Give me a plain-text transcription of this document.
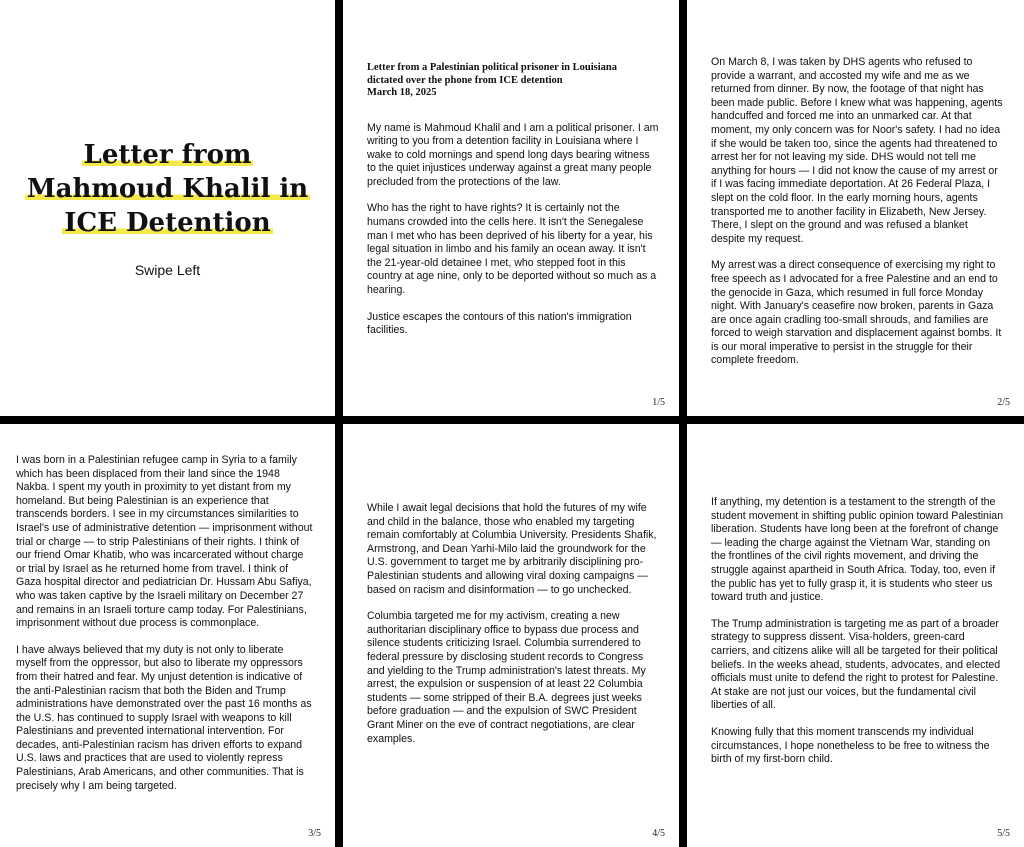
Letter from
Mahmoud Khalil in
ICE Detention
Swipe Left
Letter from a Palestinian political prisoner in Louisiana
dictated over the phone from ICE detention
March 18, 2025

My name is Mahmoud Khalil and I am a political prisoner. I am writing to you from a detention facility in Louisiana where I wake to cold mornings and spend long days bearing witness to the quiet injustices underway against a great many people precluded from the protections of the law.

Who has the right to have rights? It is certainly not the humans crowded into the cells here. It isn't the Senegalese man I met who has been deprived of his liberty for a year, his legal situation in limbo and his family an ocean away. It isn't the 21-year-old detainee I met, who stepped foot in this country at age nine, only to be deported without so much as a hearing.

Justice escapes the contours of this nation's immigration facilities.

1/5

On March 8, I was taken by DHS agents who refused to provide a warrant, and accosted my wife and me as we returned from dinner. By now, the footage of that night has been made public. Before I knew what was happening, agents handcuffed and forced me into an unmarked car. At that moment, my only concern was for Noor's safety. I had no idea if she would be taken too, since the agents had threatened to arrest her for not leaving my side. DHS would not tell me anything for hours — I did not know the cause of my arrest or if I was facing immediate deportation. At 26 Federal Plaza, I slept on the cold floor. In the early morning hours, agents transported me to another facility in Elizabeth, New Jersey. There, I slept on the ground and was refused a blanket despite my request.

My arrest was a direct consequence of exercising my right to free speech as I advocated for a free Palestine and an end to the genocide in Gaza, which resumed in full force Monday night. With January's ceasefire now broken, parents in Gaza are once again cradling too-small shrouds, and families are forced to weigh starvation and displacement against bombs. It is our moral imperative to persist in the struggle for their complete freedom.

2/5

I was born in a Palestinian refugee camp in Syria to a family which has been displaced from their land since the 1948 Nakba. I spent my youth in proximity to yet distant from my homeland. But being Palestinian is an experience that transcends borders. I see in my circumstances similarities to Israel's use of administrative detention — imprisonment without trial or charge — to strip Palestinians of their rights. I think of our friend Omar Khatib, who was incarcerated without charge or trial by Israel as he returned home from travel. I think of Gaza hospital director and pediatrician Dr. Hussam Abu Safiya, who was taken captive by the Israeli military on December 27 and remains in an Israeli torture camp today. For Palestinians, imprisonment without due process is commonplace.

I have always believed that my duty is not only to liberate myself from the oppressor, but also to liberate my oppressors from their hatred and fear. My unjust detention is indicative of the anti-Palestinian racism that both the Biden and Trump administrations have demonstrated over the past 16 months as the U.S. has continued to supply Israel with weapons to kill Palestinians and prevented international intervention. For decades, anti-Palestinian racism has driven efforts to expand U.S. laws and practices that are used to violently repress Palestinians, Arab Americans, and other communities. That is precisely why I am being targeted.

3/5

While I await legal decisions that hold the futures of my wife and child in the balance, those who enabled my targeting remain comfortably at Columbia University. Presidents Shafik, Armstrong, and Dean Yarhi-Milo laid the groundwork for the U.S. government to target me by arbitrarily disciplining pro-Palestinian students and allowing viral doxing campaigns — based on racism and disinformation — to go unchecked.

Columbia targeted me for my activism, creating a new authoritarian disciplinary office to bypass due process and silence students criticizing Israel. Columbia surrendered to federal pressure by disclosing student records to Congress and yielding to the Trump administration's latest threats. My arrest, the expulsion or suspension of at least 22 Columbia students — some stripped of their B.A. degrees just weeks before graduation — and the expulsion of SWC President Grant Miner on the eve of contract negotiations, are clear examples.

4/5

If anything, my detention is a testament to the strength of the student movement in shifting public opinion toward Palestinian liberation. Students have long been at the forefront of change — leading the charge against the Vietnam War, standing on the frontlines of the civil rights movement, and driving the struggle against apartheid in South Africa. Today, too, even if the public has yet to fully grasp it, it is students who steer us toward truth and justice.

The Trump administration is targeting me as part of a broader strategy to suppress dissent. Visa-holders, green-card carriers, and citizens alike will all be targeted for their political beliefs. In the weeks ahead, students, advocates, and elected officials must unite to defend the right to protest for Palestine. At stake are not just our voices, but the fundamental civil liberties of all.

Knowing fully that this moment transcends my individual circumstances, I hope nonetheless to be free to witness the birth of my first-born child.

5/5
